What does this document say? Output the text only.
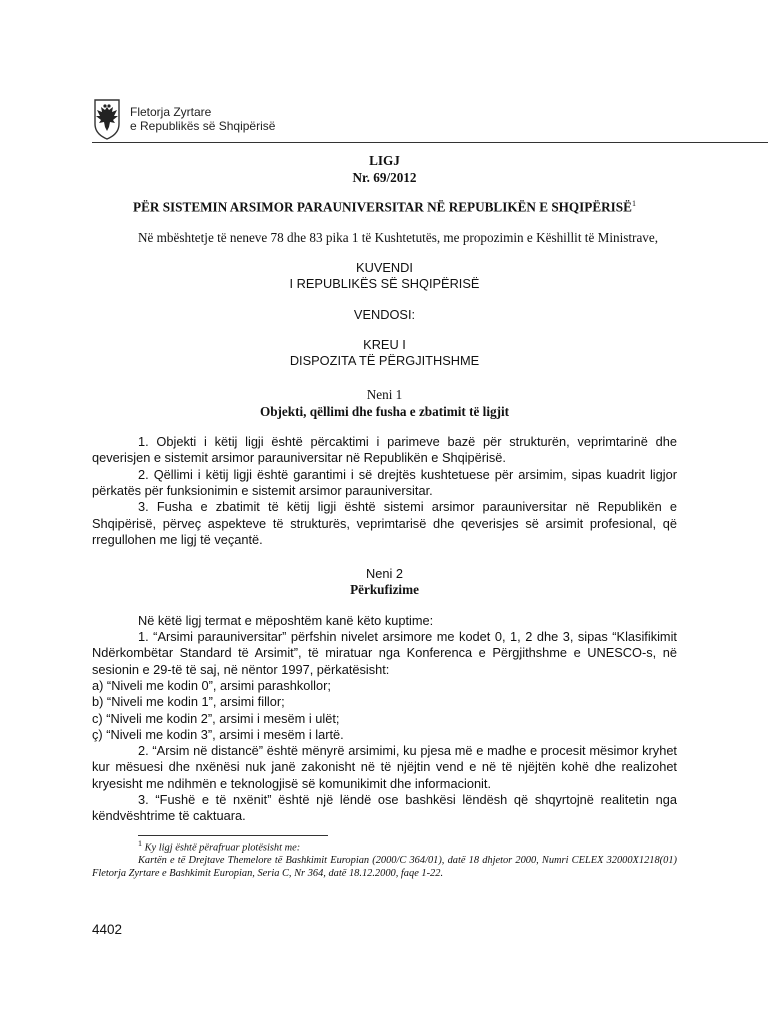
Fletorja Zyrtare
e Republikës së Shqipërisë
LIGJ
Nr. 69/2012
PËR SISTEMIN ARSIMOR PARAUNIVERSITAR NË REPUBLIKËN E SHQIPËRISË$^1$

Në mbështetje të neneve 78 dhe 83 pika 1 të Kushtetutës, me propozimin e Këshillit të Ministrave,

KUVENDI
I REPUBLIKËS SË SHQIPËRISË
VENDOSI:
KREU I
DISPOZITA TË PËRGJITHSHME
Neni 1
Objekti, qëllimi dhe fusha e zbatimit të ligjit

1. Objekti i këtij ligji është përcaktimi i parimeve bazë për strukturën, veprimtarinë dhe qeverisjen e sistemit arsimor parauniversitar në Republikën e Shqipërisë.

2. Qëllimi i këtij ligji është garantimi i së drejtës kushtetuese për arsimim, sipas kuadrit ligjor përkatës për funksionimin e sistemit arsimor parauniversitar.

3. Fusha e zbatimit të këtij ligji është sistemi arsimor parauniversitar në Republikën e Shqipërisë, përveç aspekteve të strukturës, veprimtarisë dhe qeverisjes së arsimit profesional, që rregullohen me ligj të veçantë.

Neni 2
Përkufizime

Në këtë ligj termat e mëposhtëm kanë këto kuptime:

1. “Arsimi parauniversitar” përfshin nivelet arsimore me kodet 0, 1, 2 dhe 3, sipas “Klasifikimit Ndërkombëtar Standard të Arsimit”, të miratuar nga Konferenca e Përgjithshme e UNESCO-s, në sesionin e 29-të të saj, në nëntor 1997, përkatësisht:

a) “Niveli me kodin 0”, arsimi parashkollor;

b) “Niveli me kodin 1”, arsimi fillor;

c) “Niveli me kodin 2”, arsimi i mesëm i ulët;

ç) “Niveli me kodin 3”, arsimi i mesëm i lartë.

2. “Arsim në distancë” është mënyrë arsimimi, ku pjesa më e madhe e procesit mësimor kryhet kur mësuesi dhe nxënësi nuk janë zakonisht në të njëjtin vend e në të njëjtën kohë dhe realizohet kryesisht me ndihmën e teknologjisë së komunikimit dhe informacionit.

3. “Fushë e të nxënit” është një lëndë ose bashkësi lëndësh që shqyrtojnë realitetin nga këndvështrime të caktuara.

$^1$ Ky ligj është përafruar plotësisht me:
Kartën e të Drejtave Themelore të Bashkimit Europian (2000/C 364/01), datë 18 dhjetor 2000, Numri CELEX 32000X1218(01) Fletorja Zyrtare e Bashkimit Europian, Seria C, Nr 364, datë 18.12.2000, faqe 1-22.
4402
